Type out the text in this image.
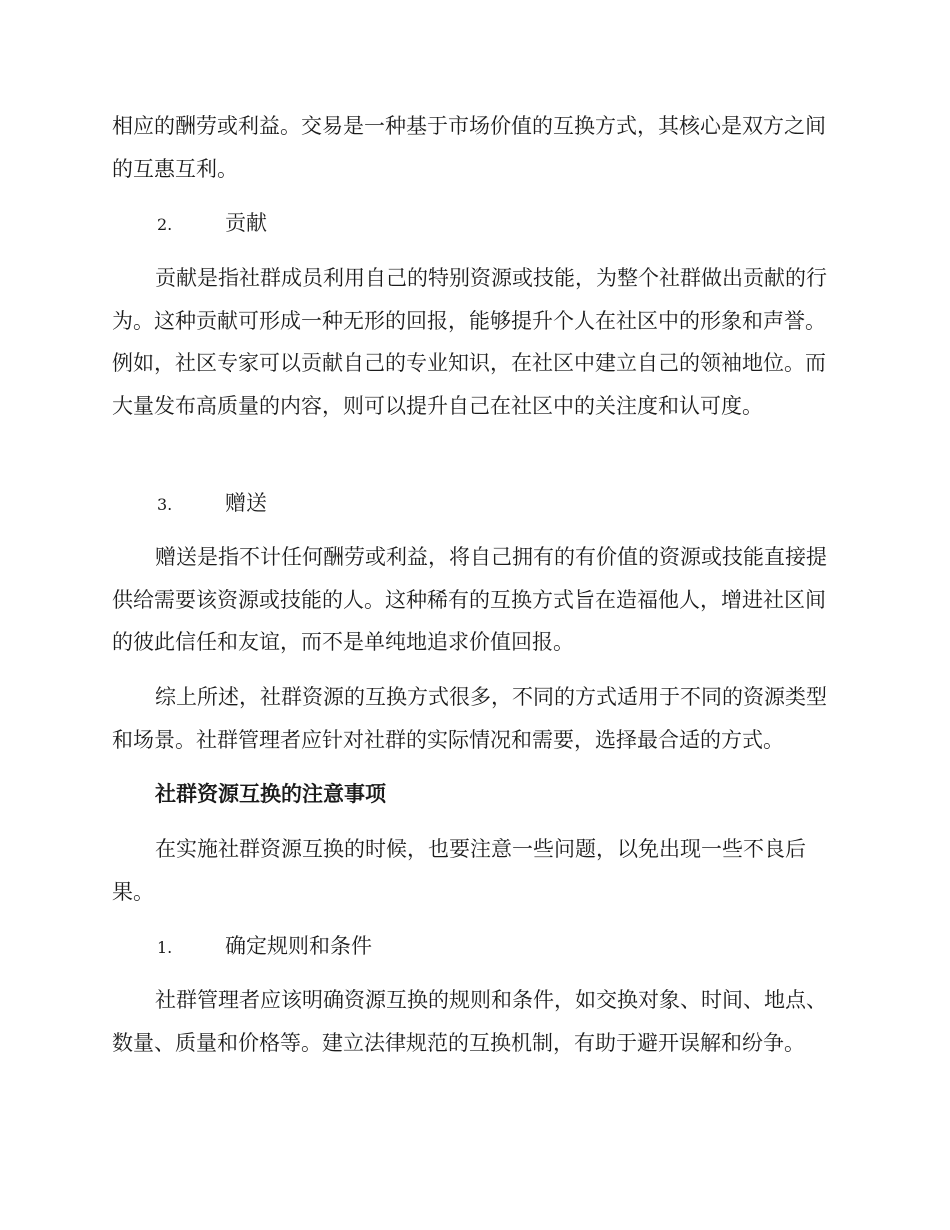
相应的酬劳或利益。交易是一种基于市场价值的互换方式，其核心是双方之间的互惠互利。

2.	贡献

贡献是指社群成员利用自己的特别资源或技能，为整个社群做出贡献的行为。这种贡献可形成一种无形的回报，能够提升个人在社区中的形象和声誉。例如，社区专家可以贡献自己的专业知识，在社区中建立自己的领袖地位。而大量发布高质量的内容，则可以提升自己在社区中的关注度和认可度。

3.	赠送

赠送是指不计任何酬劳或利益，将自己拥有的有价值的资源或技能直接提供给需要该资源或技能的人。这种稀有的互换方式旨在造福他人，增进社区间的彼此信任和友谊，而不是单纯地追求价值回报。

综上所述，社群资源的互换方式很多，不同的方式适用于不同的资源类型和场景。社群管理者应针对社群的实际情况和需要，选择最合适的方式。

社群资源互换的注意事项

在实施社群资源互换的时候，也要注意一些问题，以免出现一些不良后果。

1.	确定规则和条件

社群管理者应该明确资源互换的规则和条件，如交换对象、时间、地点、数量、质量和价格等。建立法律规范的互换机制，有助于避开误解和纷争。
